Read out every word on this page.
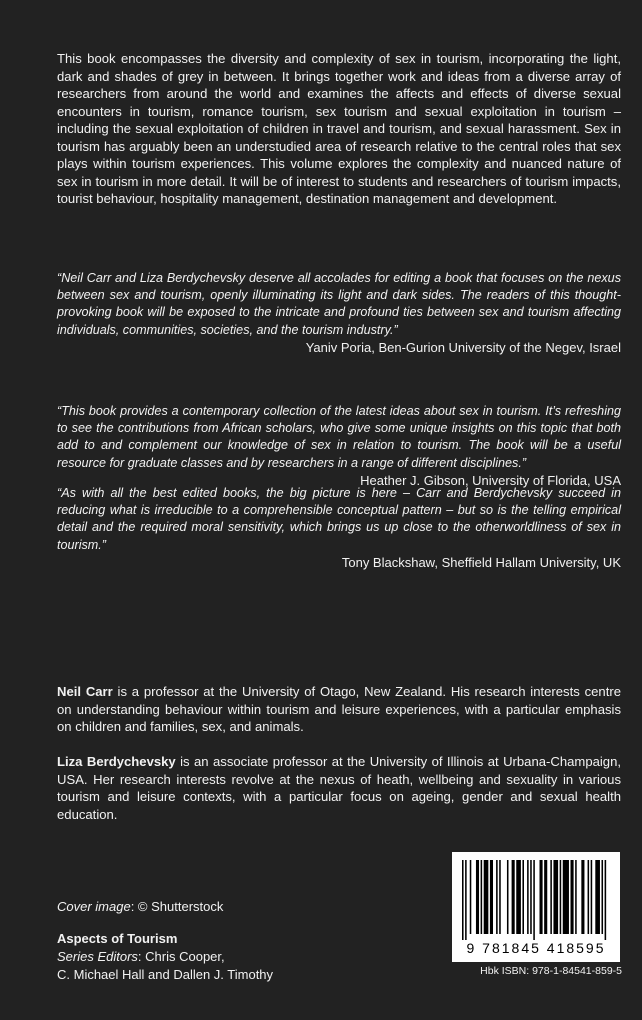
This book encompasses the diversity and complexity of sex in tourism, incorporating the light, dark and shades of grey in between. It brings together work and ideas from a diverse array of researchers from around the world and examines the affects and effects of diverse sexual encounters in tourism, romance tourism, sex tourism and sexual exploitation in tourism – including the sexual exploitation of children in travel and tourism, and sexual harassment. Sex in tourism has arguably been an understudied area of research relative to the central roles that sex plays within tourism experiences. This volume explores the complexity and nuanced nature of sex in tourism in more detail. It will be of interest to students and researchers of tourism impacts, tourist behaviour, hospitality management, destination management and development.

“Neil Carr and Liza Berdychevsky deserve all accolades for editing a book that focuses on the nexus between sex and tourism, openly illuminating its light and dark sides. The readers of this thought-provoking book will be exposed to the intricate and profound ties between sex and tourism affecting individuals, communities, societies, and the tourism industry.”

Yaniv Poria, Ben-Gurion University of the Negev, Israel

“This book provides a contemporary collection of the latest ideas about sex in tourism. It’s refreshing to see the contributions from African scholars, who give some unique insights on this topic that both add to and complement our knowledge of sex in relation to tourism. The book will be a useful resource for graduate classes and by researchers in a range of different disciplines.”

Heather J. Gibson, University of Florida, USA

“As with all the best edited books, the big picture is here – Carr and Berdychevsky succeed in reducing what is irreducible to a comprehensible conceptual pattern – but so is the telling empirical detail and the required moral sensitivity, which brings us up close to the otherworldliness of sex in tourism.”

Tony Blackshaw, Sheffield Hallam University, UK

Neil Carr is a professor at the University of Otago, New Zealand. His research interests centre on understanding behaviour within tourism and leisure experiences, with a particular emphasis on children and families, sex, and animals.

Liza Berdychevsky is an associate professor at the University of Illinois at Urbana-Champaign, USA. Her research interests revolve at the nexus of heath, wellbeing and sexuality in various tourism and leisure contexts, with a particular focus on ageing, gender and sexual health education.

Cover image: © Shutterstock

Aspects of Tourism

Series Editors: Chris Cooper,

C. Michael Hall and Dallen J. Timothy

9 781845 418595
Hbk ISBN: 978-1-84541-859-5
